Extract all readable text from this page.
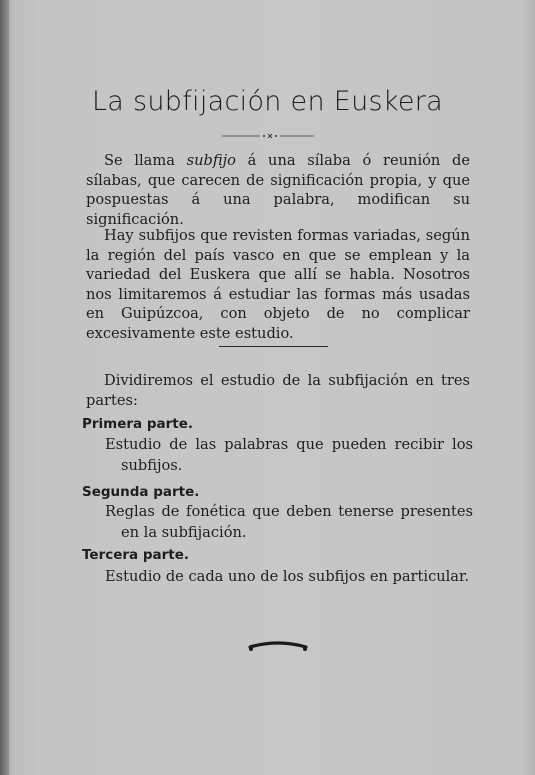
La subfijación en Euskera
Se llama subfijo á una sílaba ó reunión de sílabas, que carecen de significación propia, y que pospuestas á una palabra, modifican su significación.
Hay subfijos que revisten formas variadas, según la región del país vasco en que se emplean y la variedad del Euskera que allí se habla. Nosotros nos limitaremos á estudiar las formas más usadas en Guipúzcoa, con objeto de no complicar excesivamente este estudio.
Dividiremos el estudio de la subfijación en tres partes:
Primera parte.
Estudio de las palabras que pueden recibir los subfijos.
Segunda parte.
Reglas de fonética que deben tenerse presentes en la subfijación.
Tercera parte.
Estudio de cada uno de los subfijos en particular.
